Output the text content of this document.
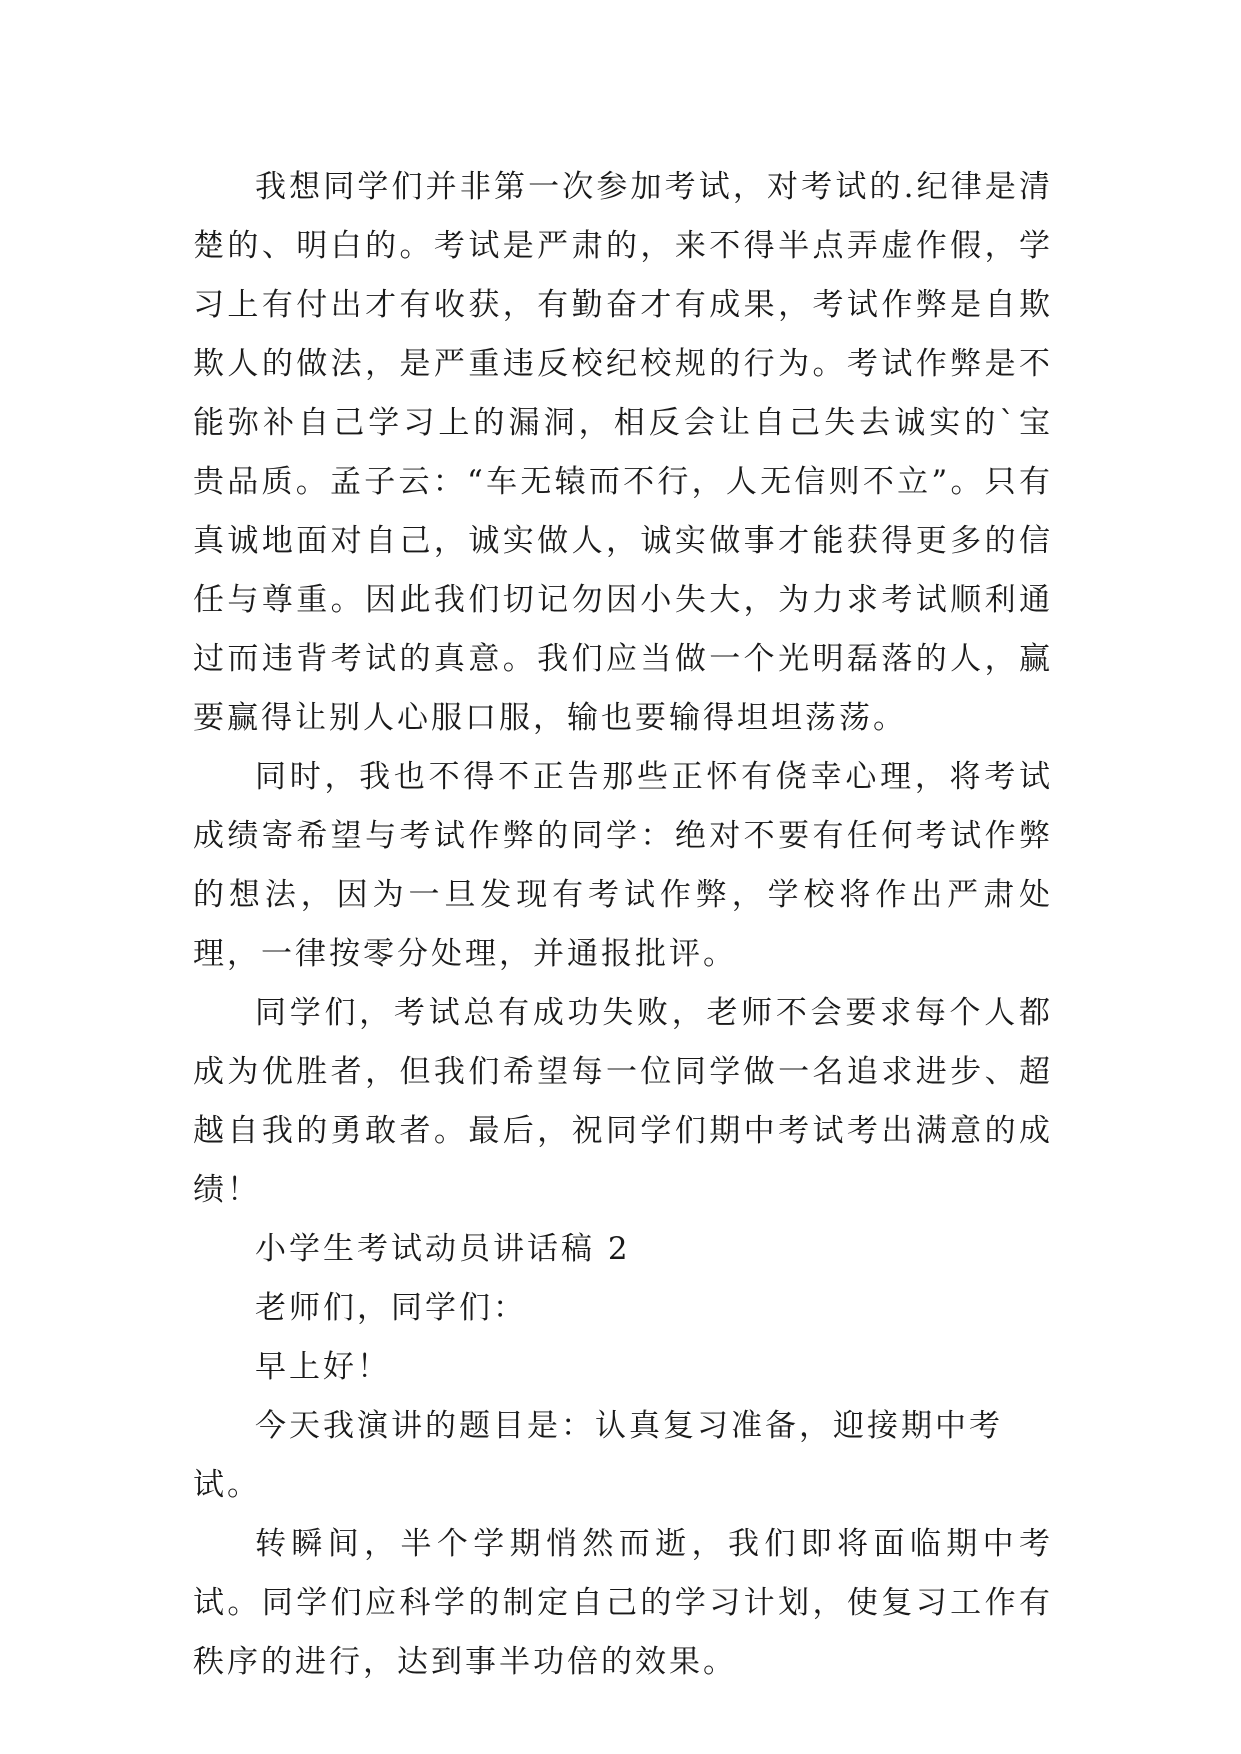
我想同学们并非第一次参加考试，对考试的.纪律是清楚的、明白的。考试是严肃的，来不得半点弄虚作假，学习上有付出才有收获，有勤奋才有成果，考试作弊是自欺欺人的做法，是严重违反校纪校规的行为。考试作弊是不能弥补自己学习上的漏洞，相反会让自己失去诚实的`宝贵品质。孟子云：“车无辕而不行，人无信则不立”。只有真诚地面对自己，诚实做人，诚实做事才能获得更多的信任与尊重。因此我们切记勿因小失大，为力求考试顺利通过而违背考试的真意。我们应当做一个光明磊落的人，赢要赢得让别人心服口服，输也要输得坦坦荡荡。

同时，我也不得不正告那些正怀有侥幸心理，将考试成绩寄希望与考试作弊的同学：绝对不要有任何考试作弊的想法，因为一旦发现有考试作弊，学校将作出严肃处理，一律按零分处理，并通报批评。

同学们，考试总有成功失败，老师不会要求每个人都成为优胜者，但我们希望每一位同学做一名追求进步、超越自我的勇敢者。最后，祝同学们期中考试考出满意的成绩！

小学生考试动员讲话稿 2

老师们，同学们：

早上好！

今天我演讲的题目是：认真复习准备，迎接期中考试。

转瞬间，半个学期悄然而逝，我们即将面临期中考试。同学们应科学的制定自己的学习计划，使复习工作有秩序的进行，达到事半功倍的效果。
